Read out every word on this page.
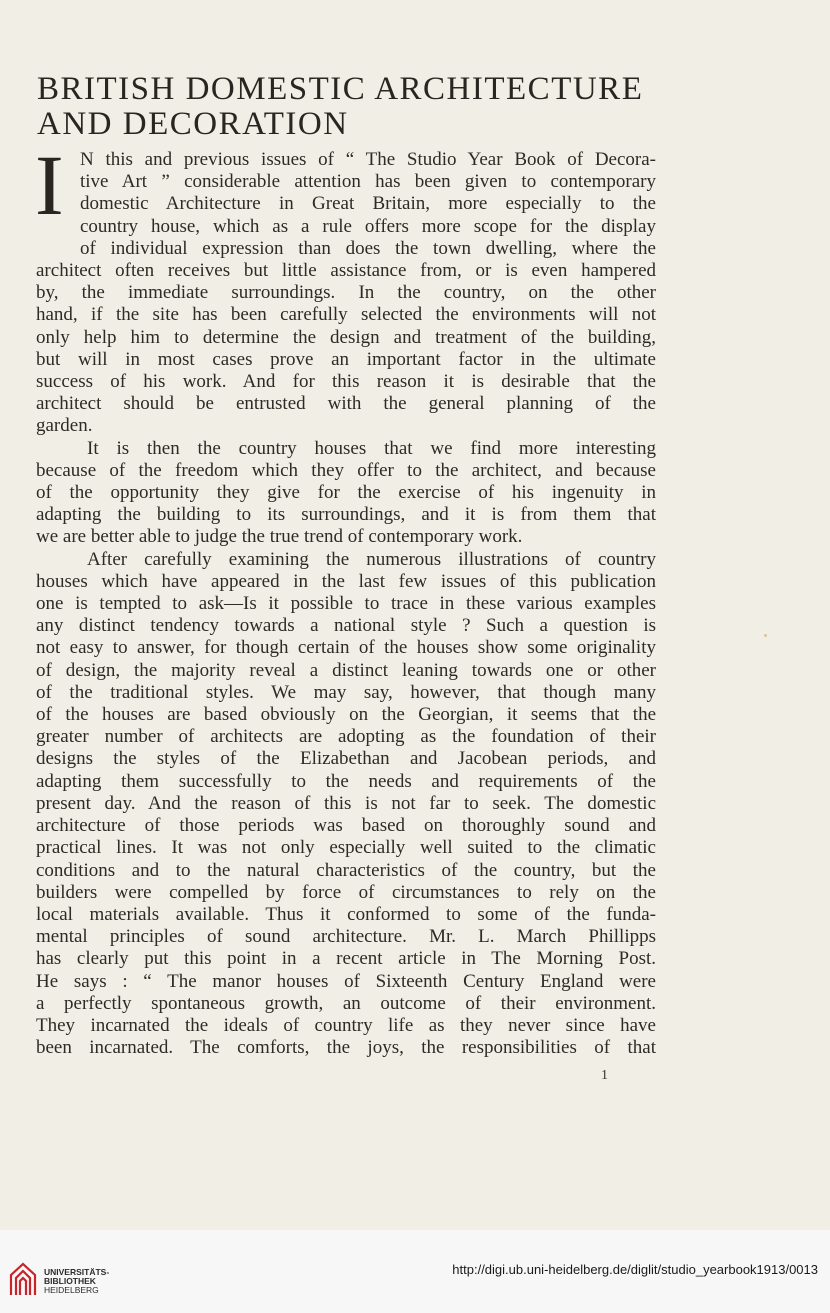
BRITISH DOMESTIC ARCHITECTURE
AND DECORATION
I N this and previous issues of “ The Studio Year Book of Decora-
tive Art ” considerable attention has been given to contemporary
domestic Architecture in Great Britain, more especially to the
country house, which as a rule offers more scope for the display
of individual expression than does the town dwelling, where the
architect often receives but little assistance from, or is even hampered
by, the immediate surroundings. In the country, on the other
hand, if the site has been carefully selected the environments will not
only help him to determine the design and treatment of the building,
but will in most cases prove an important factor in the ultimate
success of his work. And for this reason it is desirable that the
architect should be entrusted with the general planning of the
garden.
It is then the country houses that we find more interesting
because of the freedom which they offer to the architect, and because
of the opportunity they give for the exercise of his ingenuity in
adapting the building to its surroundings, and it is from them that
we are better able to judge the true trend of contemporary work.
After carefully examining the numerous illustrations of country
houses which have appeared in the last few issues of this publication
one is tempted to ask—Is it possible to trace in these various examples
any distinct tendency towards a national style ? Such a question is
not easy to answer, for though certain of the houses show some originality
of design, the majority reveal a distinct leaning towards one or other
of the traditional styles. We may say, however, that though many
of the houses are based obviously on the Georgian, it seems that the
greater number of architects are adopting as the foundation of their
designs the styles of the Elizabethan and Jacobean periods, and
adapting them successfully to the needs and requirements of the
present day. And the reason of this is not far to seek. The domestic
architecture of those periods was based on thoroughly sound and
practical lines. It was not only especially well suited to the climatic
conditions and to the natural characteristics of the country, but the
builders were compelled by force of circumstances to rely on the
local materials available. Thus it conformed to some of the funda-
mental principles of sound architecture. Mr. L. March Phillipps
has clearly put this point in a recent article in The Morning Post.
He says : “ The manor houses of Sixteenth Century England were
a perfectly spontaneous growth, an outcome of their environment.
They incarnated the ideals of country life as they never since have
been incarnated. The comforts, the joys, the responsibilities of that
1
UNIVERSITÄTS-
BIBLIOTHEK
HEIDELBERG
http://digi.ub.uni-heidelberg.de/diglit/studio_yearbook1913/0013
